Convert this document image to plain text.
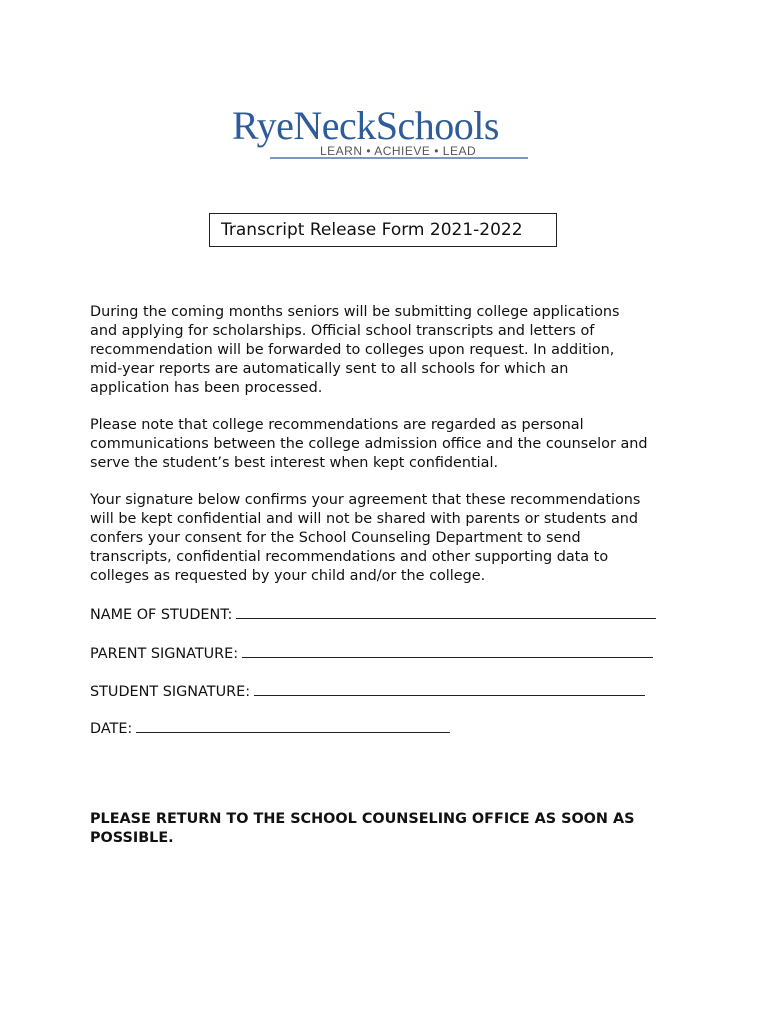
RyeNeckSchools
LEARN • ACHIEVE • LEAD
Transcript Release Form 2021-2022
During the coming months seniors will be submitting college applications
and applying for scholarships. Official school transcripts and letters of
recommendation will be forwarded to colleges upon request. In addition,
mid-year reports are automatically sent to all schools for which an
application has been processed.
Please note that college recommendations are regarded as personal
communications between the college admission office and the counselor and
serve the student’s best interest when kept confidential.
Your signature below confirms your agreement that these recommendations
will be kept confidential and will not be shared with parents or students and
confers your consent for the School Counseling Department to send
transcripts, confidential recommendations and other supporting data to
colleges as requested by your child and/or the college.
NAME OF STUDENT:
PARENT SIGNATURE:
STUDENT SIGNATURE:
DATE:
PLEASE RETURN TO THE SCHOOL COUNSELING OFFICE AS SOON AS POSSIBLE.
